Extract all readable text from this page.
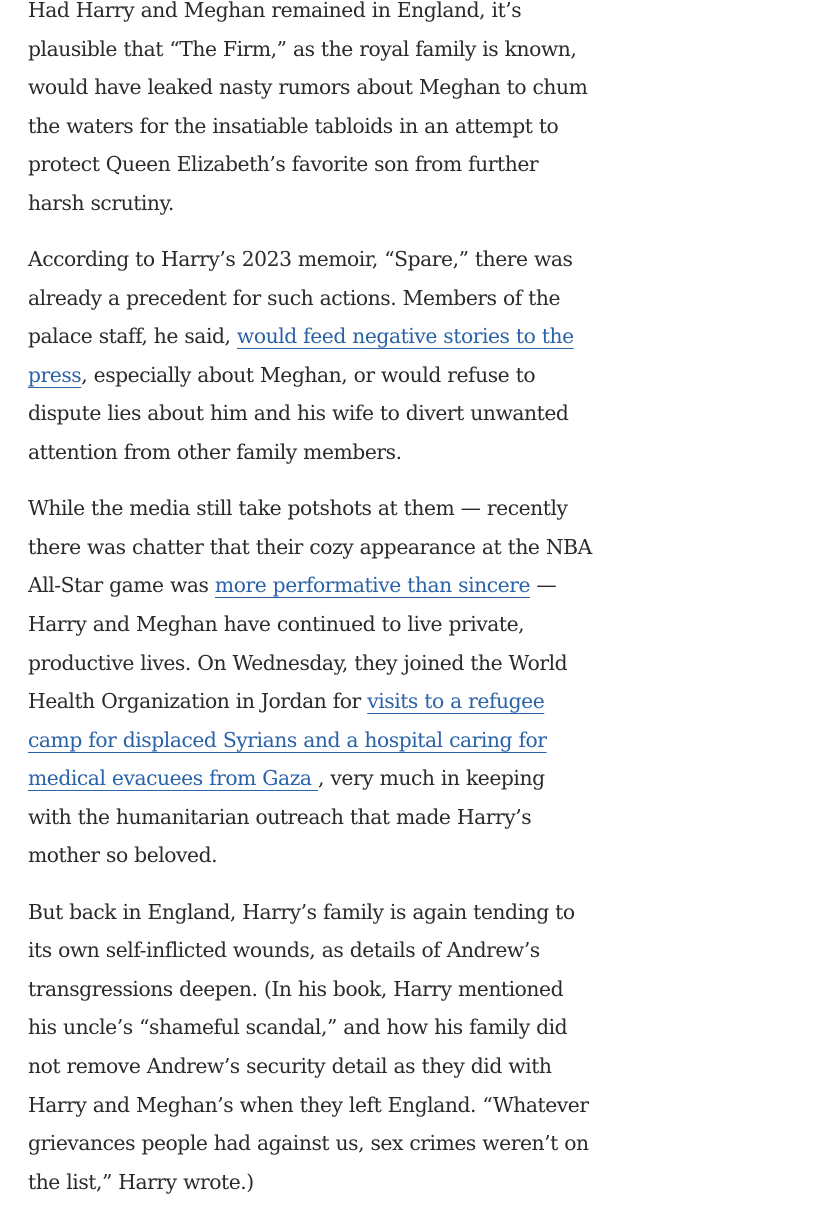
Had Harry and Meghan remained in England, it’s
plausible that “The Firm,” as the royal family is known,
would have leaked nasty rumors about Meghan to chum
the waters for the insatiable tabloids in an attempt to
protect Queen Elizabeth’s favorite son from further
harsh scrutiny.

According to Harry’s 2023 memoir, “Spare,” there was
already a precedent for such actions. Members of the
palace staff, he said, would feed negative stories to the
press, especially about Meghan, or would refuse to
dispute lies about him and his wife to divert unwanted
attention from other family members.

While the media still take potshots at them — recently
there was chatter that their cozy appearance at the NBA
All-Star game was more performative than sincere —
Harry and Meghan have continued to live private,
productive lives. On Wednesday, they joined the World
Health Organization in Jordan for visits to a refugee
camp for displaced Syrians and a hospital caring for
medical evacuees from Gaza , very much in keeping
with the humanitarian outreach that made Harry’s
mother so beloved.

But back in England, Harry’s family is again tending to
its own self-inflicted wounds, as details of Andrew’s
transgressions deepen. (In his book, Harry mentioned
his uncle’s “shameful scandal,” and how his family did
not remove Andrew’s security detail as they did with
Harry and Meghan’s when they left England. “Whatever
grievances people had against us, sex crimes weren’t on
the list,” Harry wrote.)
